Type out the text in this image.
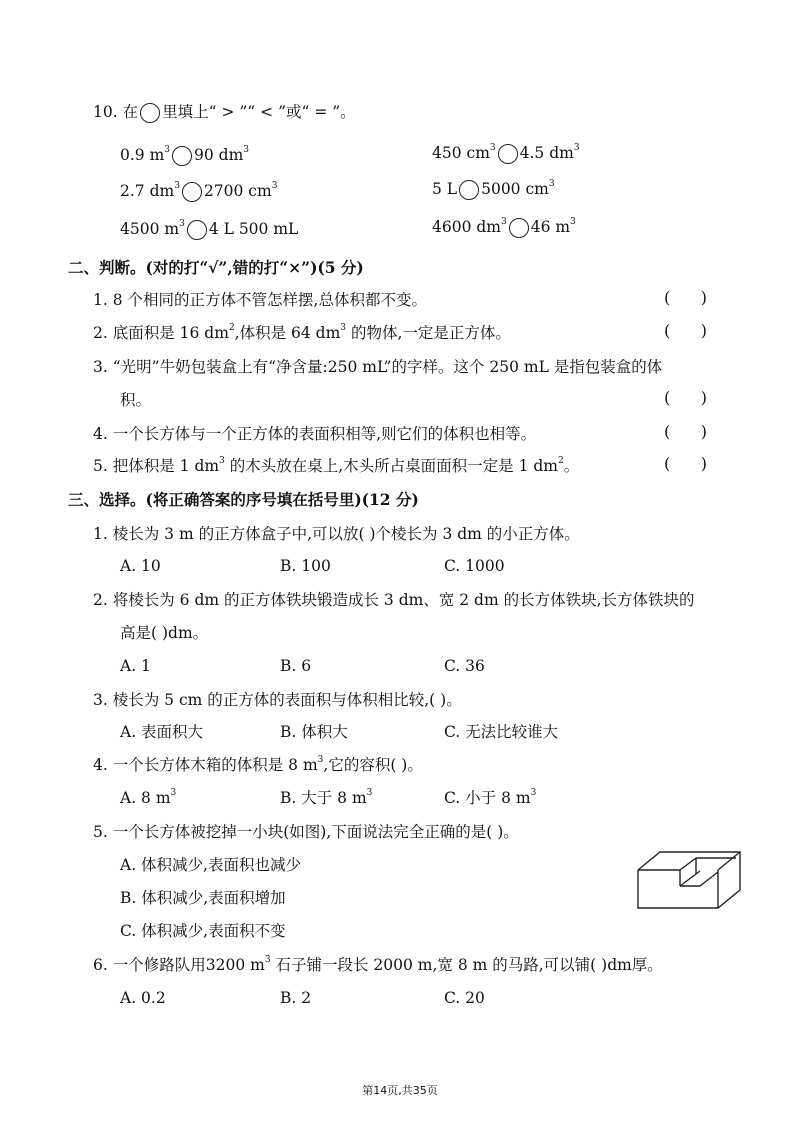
10. 在 里填上“ > ”“ < ”或“ = ”。
0.9 $m^3$ 90 $dm^3$	450 $cm^3$ 4.5 $dm^3$
2.7 $dm^3$ 2700 $cm^3$	5 L 5000 $cm^3$
4500 $m^3$ 4 L 500 mL	4600 $dm^3$ 46 $m^3$
二、判断。(对的打“√”,错的打“×”)(5 分)
1. 8 个相同的正方体不管怎样摆,总体积都不变。	(      )
2. 底面积是 16 $dm^2$,体积是 64 $dm^3$ 的物体,一定是正方体。	(      )
3. “光明”牛奶包装盒上有“净含量:250 mL”的字样。这个 250 mL 是指包装盒的体
积。	(      )
4. 一个长方体与一个正方体的表面积相等,则它们的体积也相等。	(      )
5. 把体积是 1 $dm^3$ 的木头放在桌上,木头所占桌面面积一定是 1 $dm^2$。	(      )
三、选择。(将正确答案的序号填在括号里)(12 分)
1. 棱长为 3 m 的正方体盒子中,可以放( )个棱长为 3 dm 的小正方体。
A. 10	B. 100	C. 1000
2. 将棱长为 6 dm 的正方体铁块锻造成长 3 dm、宽 2 dm 的长方体铁块,长方体铁块的
高是( )dm。
A. 1	B. 6	C. 36
3. 棱长为 5 cm 的正方体的表面积与体积相比较,( )。
A. 表面积大	B. 体积大	C. 无法比较谁大
4. 一个长方体木箱的体积是 8 $m^3$,它的容积( )。
A. 8 $m^3$	B. 大于 8 $m^3$	C. 小于 8 $m^3$
5. 一个长方体被挖掉一小块(如图),下面说法完全正确的是( )。
A. 体积减少,表面积也减少
B. 体积减少,表面积增加
C. 体积减少,表面积不变
6. 一个修路队用3200 $m^3$ 石子铺一段长 2000 m,宽 8 m 的马路,可以铺( )dm厚。
A. 0.2	B. 2	C. 20
第14页,共35页
